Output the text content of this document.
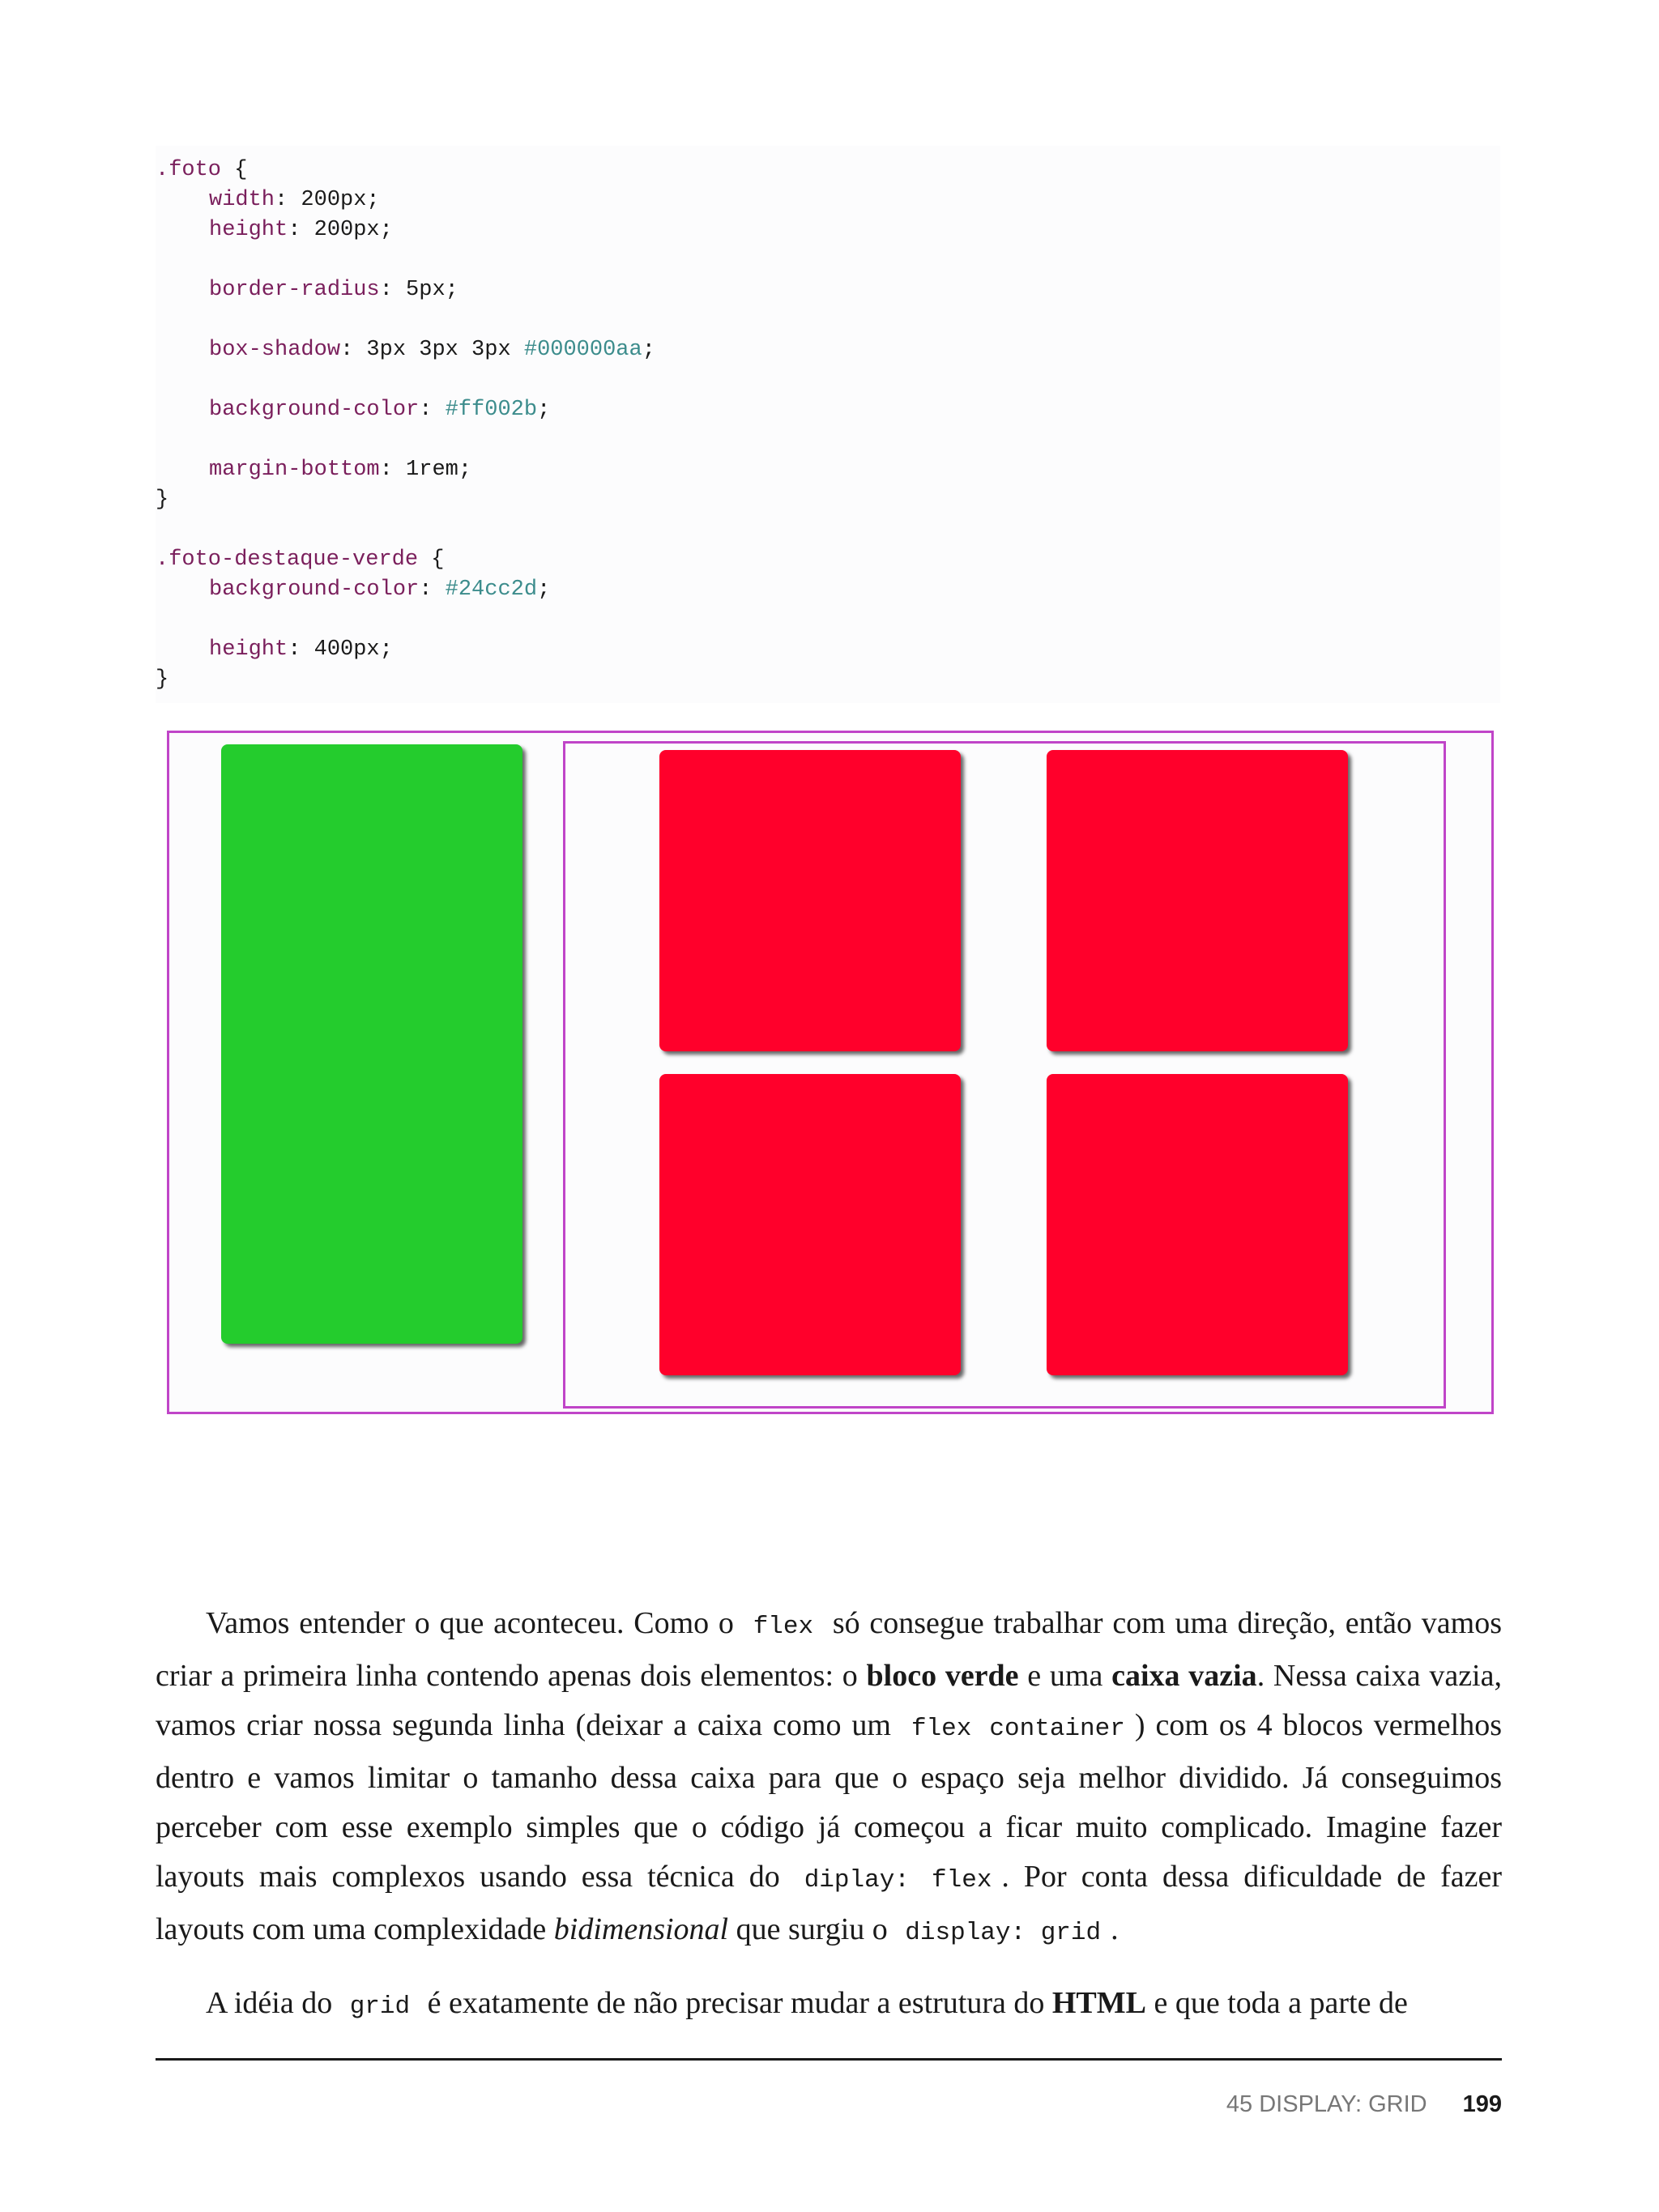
.foto {
width: 200px;
height: 200px;
border-radius: 5px;
box-shadow: 3px 3px 3px #000000aa;
background-color: #ff002b;
margin-bottom: 1rem;
}
.foto-destaque-verde {
background-color: #24cc2d;
height: 400px;
}

Vamos entender o que aconteceu. Como o flex só consegue trabalhar com uma direção, então vamos criar a primeira linha contendo apenas dois elementos: o bloco verde e uma caixa vazia. Nessa caixa vazia, vamos criar nossa segunda linha (deixar a caixa como um flex container ) com os 4 blocos vermelhos dentro e vamos limitar o tamanho dessa caixa para que o espaço seja melhor dividido. Já conseguimos perceber com esse exemplo simples que o código já começou a ficar muito complicado. Imagine fazer layouts mais complexos usando essa técnica do diplay: flex . Por conta dessa dificuldade de fazer layouts com uma complexidade bidimensional que surgiu o display: grid .

A idéia do grid é exatamente de não precisar mudar a estrutura do HTML e que toda a parte de

45 DISPLAY: GRID 199
